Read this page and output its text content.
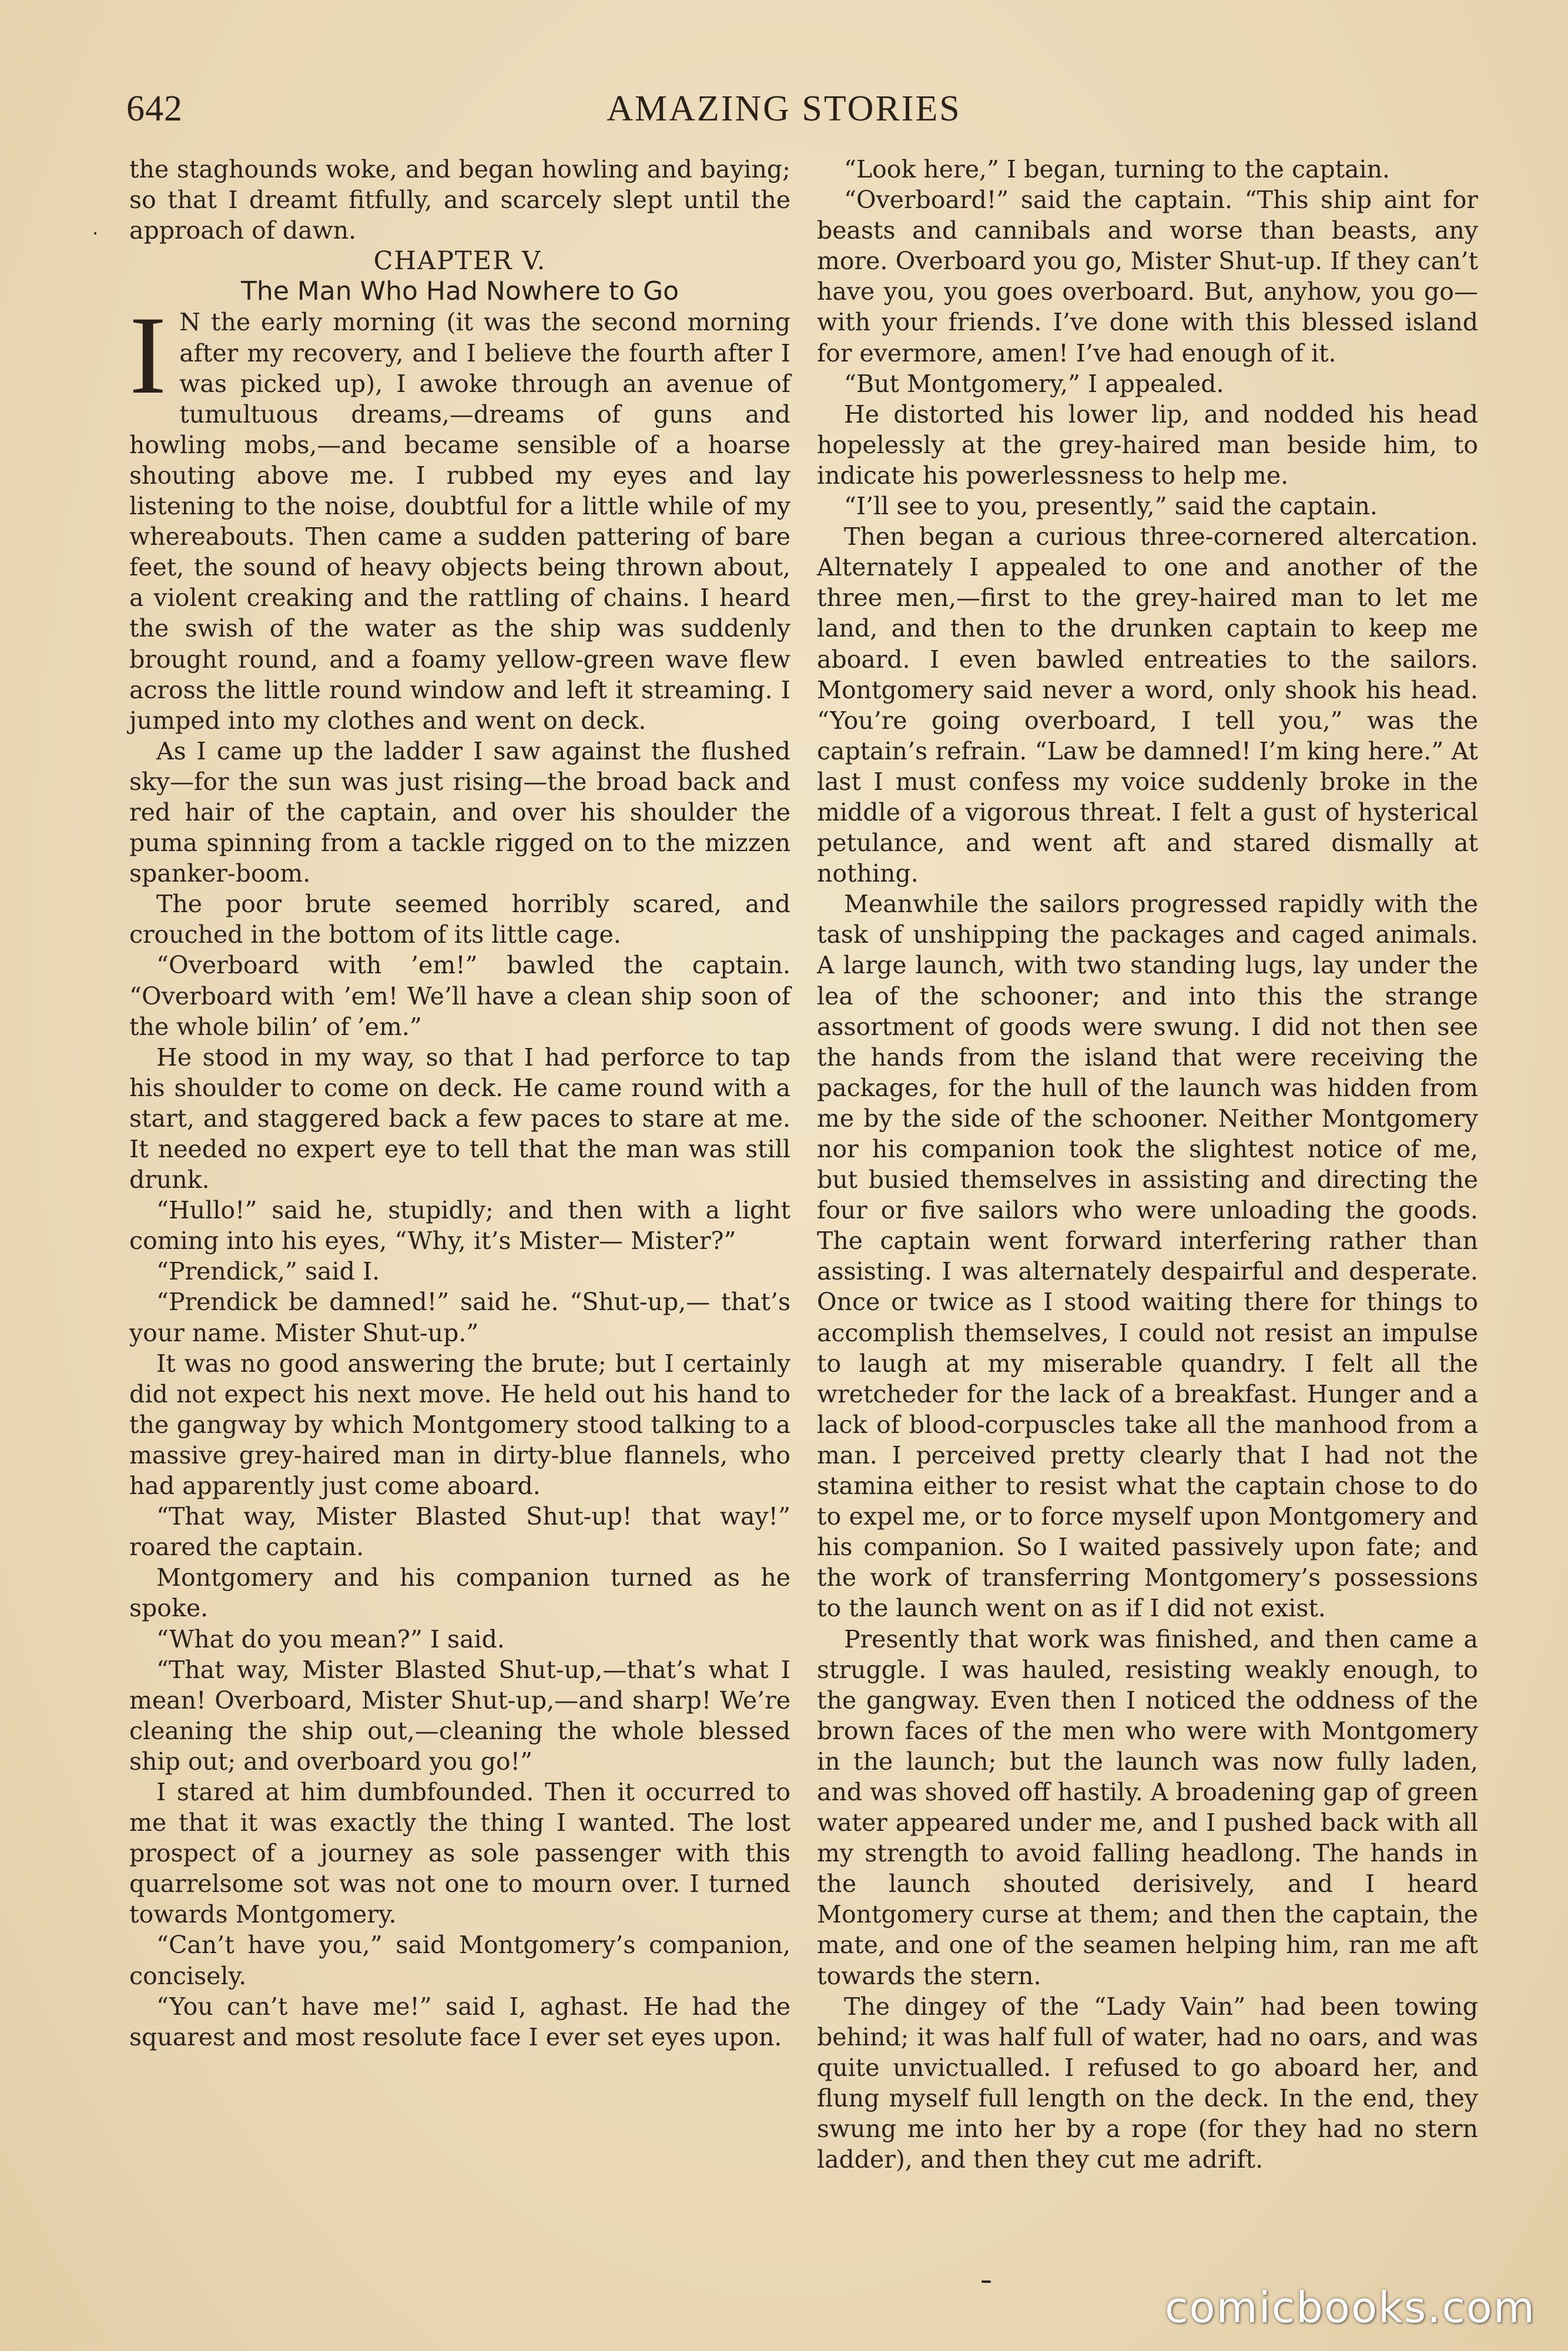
642	AMAZING STORIES

the staghounds woke, and began howling and baying; so that I dreamt fitfully, and scarcely slept until the approach of dawn.

CHAPTER V.

The Man Who Had Nowhere to Go

I N the early morning (it was the second morning after my recovery, and I believe the fourth after I was picked up), I awoke through an avenue of tumultuous dreams,—dreams of guns and howling mobs,—and became sensible of a hoarse shouting above me. I rubbed my eyes and lay listening to the noise, doubtful for a little while of my whereabouts. Then came a sudden pattering of bare feet, the sound of heavy objects being thrown about, a violent creaking and the rattling of chains. I heard the swish of the water as the ship was suddenly brought round, and a foamy yellow-green wave flew across the little round window and left it streaming. I jumped into my clothes and went on deck.

As I came up the ladder I saw against the flushed sky—for the sun was just rising—the broad back and red hair of the captain, and over his shoulder the puma spinning from a tackle rigged on to the mizzen spanker-boom.

The poor brute seemed horribly scared, and crouched in the bottom of its little cage.

“Overboard with ’em!” bawled the captain. “Overboard with ’em! We’ll have a clean ship soon of the whole bilin’ of ’em.”

He stood in my way, so that I had perforce to tap his shoulder to come on deck. He came round with a start, and staggered back a few paces to stare at me. It needed no expert eye to tell that the man was still drunk.

“Hullo!” said he, stupidly; and then with a light coming into his eyes, “Why, it’s Mister— Mister?”

“Prendick,” said I.

“Prendick be damned!” said he. “Shut-up,— that’s your name. Mister Shut-up.”

It was no good answering the brute; but I certainly did not expect his next move. He held out his hand to the gangway by which Montgomery stood talking to a massive grey-haired man in dirty-blue flannels, who had apparently just come aboard.

“That way, Mister Blasted Shut-up! that way!” roared the captain.

Montgomery and his companion turned as he spoke.

“What do you mean?” I said.

“That way, Mister Blasted Shut-up,—that’s what I mean! Overboard, Mister Shut-up,—and sharp! We’re cleaning the ship out,—cleaning the whole blessed ship out; and overboard you go!”

I stared at him dumbfounded. Then it occurred to me that it was exactly the thing I wanted. The lost prospect of a journey as sole passenger with this quarrelsome sot was not one to mourn over. I turned towards Montgomery.

“Can’t have you,” said Montgomery’s companion, concisely.

“You can’t have me!” said I, aghast. He had the squarest and most resolute face I ever set eyes upon.

“Look here,” I began, turning to the captain.

“Overboard!” said the captain. “This ship aint for beasts and cannibals and worse than beasts, any more. Overboard you go, Mister Shut-up. If they can’t have you, you goes overboard. But, anyhow, you go—with your friends. I’ve done with this blessed island for evermore, amen! I’ve had enough of it.

“But Montgomery,” I appealed.

He distorted his lower lip, and nodded his head hopelessly at the grey-haired man beside him, to indicate his powerlessness to help me.

“I’ll see to you, presently,” said the captain.

Then began a curious three-cornered altercation. Alternately I appealed to one and another of the three men,—first to the grey-haired man to let me land, and then to the drunken captain to keep me aboard. I even bawled entreaties to the sailors. Montgomery said never a word, only shook his head. “You’re going overboard, I tell you,” was the captain’s refrain. “Law be damned! I’m king here.” At last I must confess my voice suddenly broke in the middle of a vigorous threat. I felt a gust of hysterical petulance, and went aft and stared dismally at nothing.

Meanwhile the sailors progressed rapidly with the task of unshipping the packages and caged animals. A large launch, with two standing lugs, lay under the lea of the schooner; and into this the strange assortment of goods were swung. I did not then see the hands from the island that were receiving the packages, for the hull of the launch was hidden from me by the side of the schooner. Neither Montgomery nor his companion took the slightest notice of me, but busied themselves in assisting and directing the four or five sailors who were unloading the goods. The captain went forward interfering rather than assisting. I was alternately despairful and desperate. Once or twice as I stood waiting there for things to accomplish themselves, I could not resist an impulse to laugh at my miserable quandry. I felt all the wretcheder for the lack of a breakfast. Hunger and a lack of blood-corpuscles take all the manhood from a man. I perceived pretty clearly that I had not the stamina either to resist what the captain chose to do to expel me, or to force myself upon Montgomery and his companion. So I waited passively upon fate; and the work of transferring Montgomery’s possessions to the launch went on as if I did not exist.

Presently that work was finished, and then came a struggle. I was hauled, resisting weakly enough, to the gangway. Even then I noticed the oddness of the brown faces of the men who were with Montgomery in the launch; but the launch was now fully laden, and was shoved off hastily. A broadening gap of green water appeared under me, and I pushed back with all my strength to avoid falling headlong. The hands in the launch shouted derisively, and I heard Montgomery curse at them; and then the captain, the mate, and one of the seamen helping him, ran me aft towards the stern.

The dingey of the “Lady Vain” had been towing behind; it was half full of water, had no oars, and was quite unvictualled. I refused to go aboard her, and flung myself full length on the deck. In the end, they swung me into her by a rope (for they had no stern ladder), and then they cut me adrift.

comicbooks.com
